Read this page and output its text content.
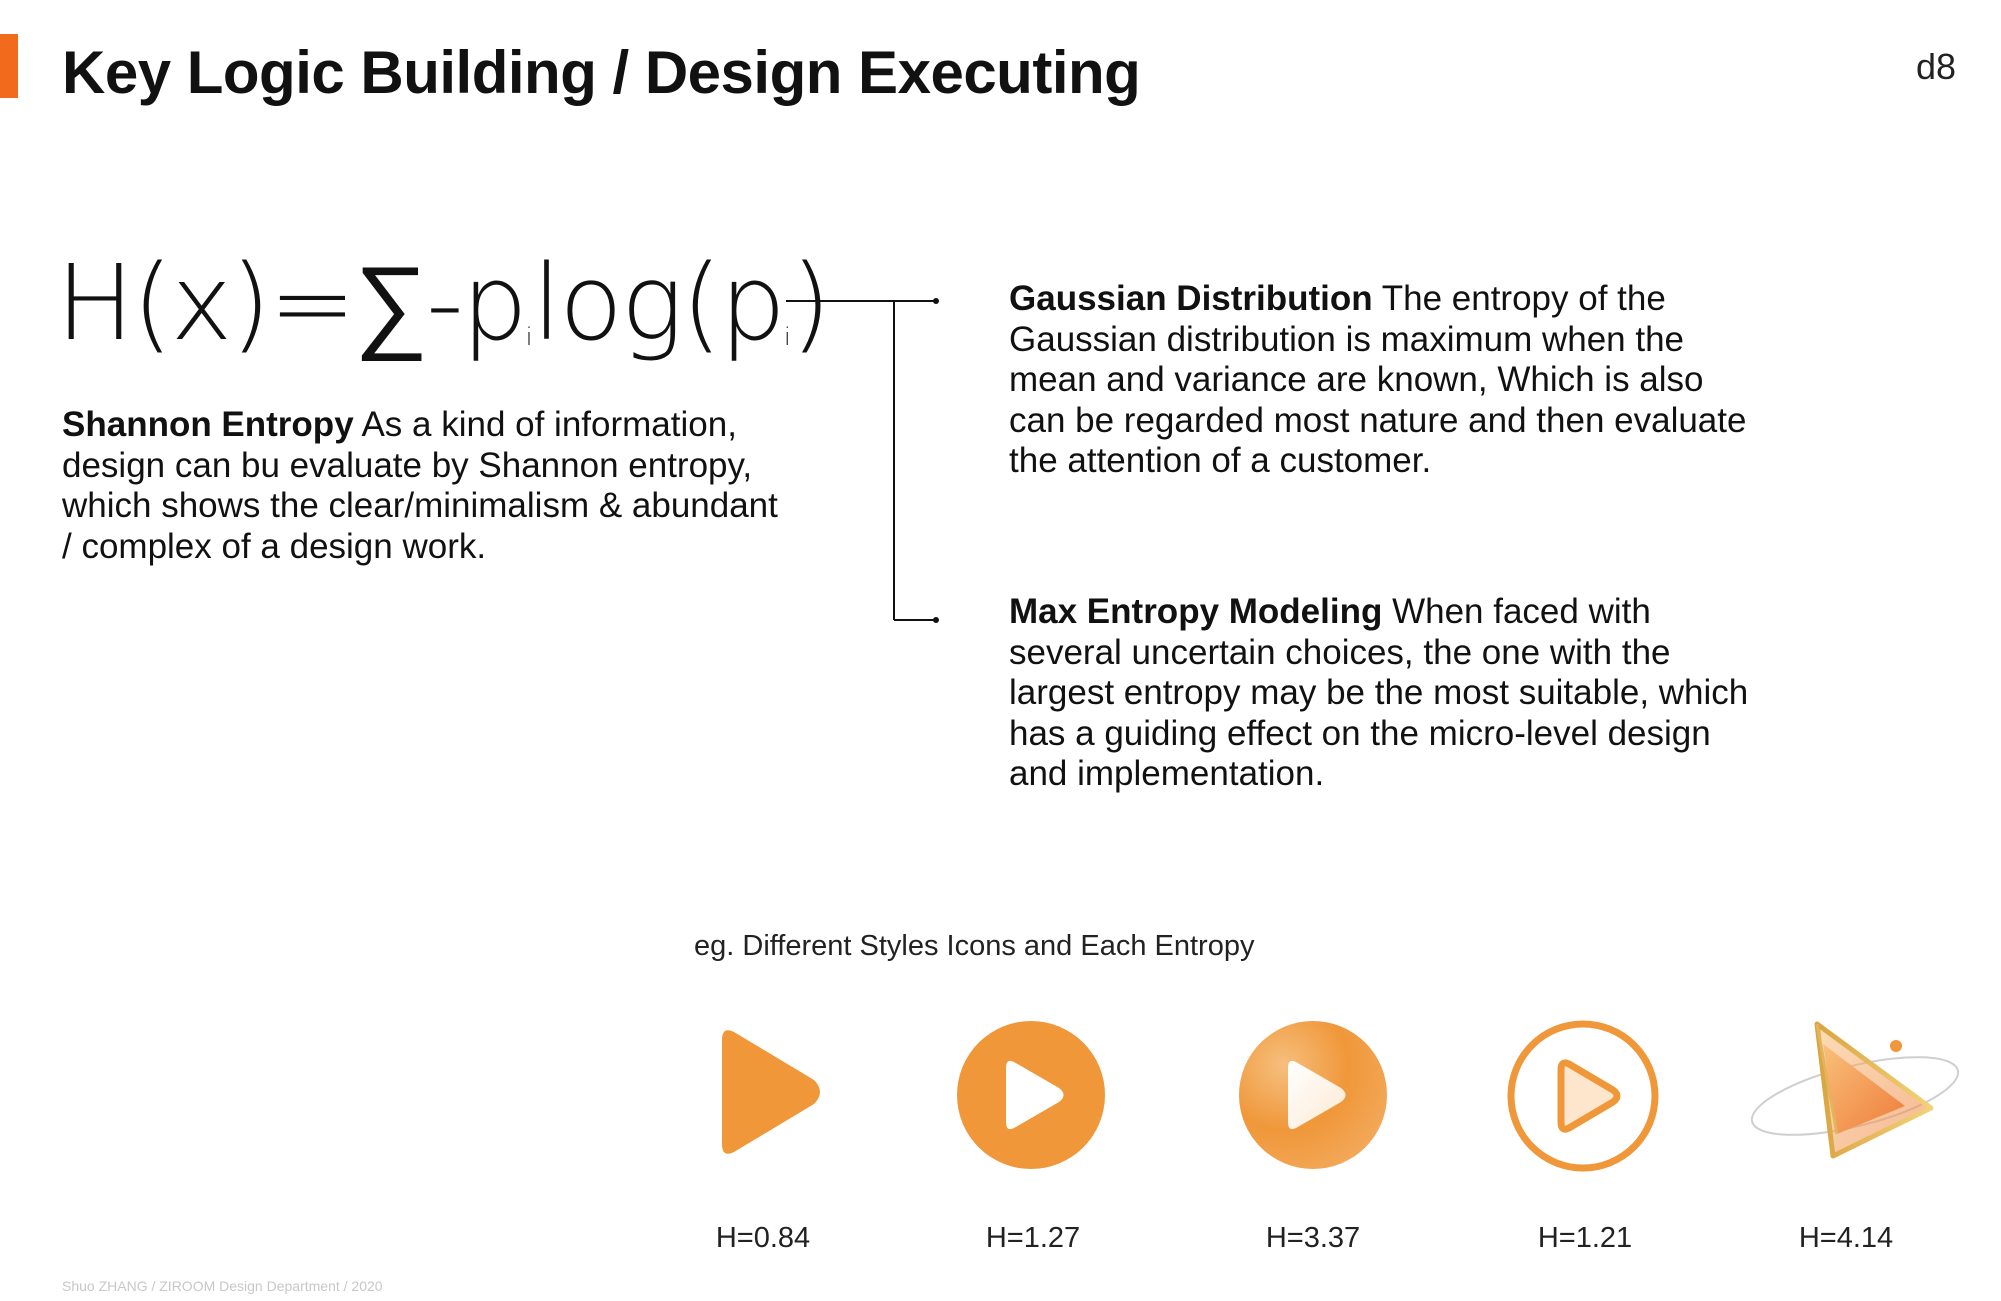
Key Logic Building / Design Executing	d8
$H(x)=\sum-p_i\log(p_i)$
Shannon Entropy As a kind of information, design can bu evaluate by Shannon entropy, which shows the clear/minimalism & abundant / complex of a design work.
Gaussian Distribution The entropy of the Gaussian distribution is maximum when the mean and variance are known, Which is also can be regarded most nature and then evaluate the attention of a customer.
Max Entropy Modeling When faced with several uncertain choices, the one with the largest entropy may be the most suitable, which has a guiding effect on the micro-level design and implementation.
eg. Different Styles Icons and Each Entropy
H=0.84	H=1.27	H=3.37	H=1.21	H=4.14
Shuo ZHANG / ZIROOM Design Department / 2020
